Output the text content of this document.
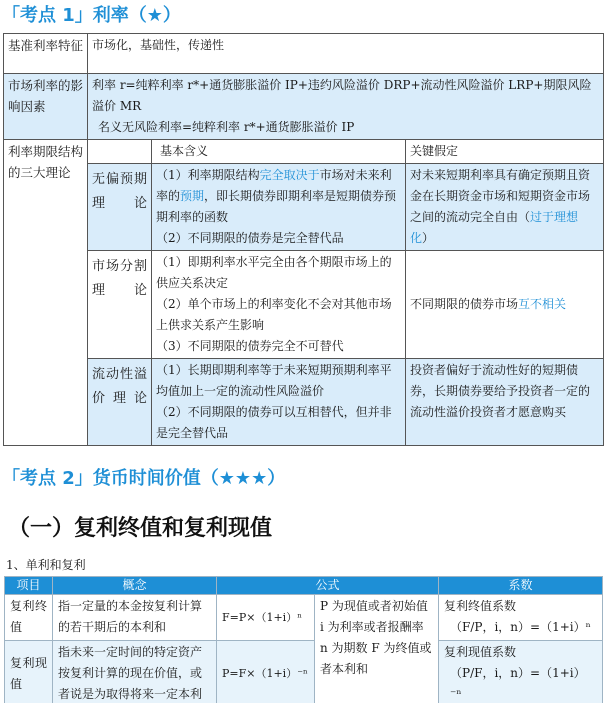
「考点 1」利率（★）
基准利率特征	市场化，基础性，传递性		
市场利率的影响因素	利率 r=纯粹利率 r*+通货膨胀溢价 IP+违约风险溢价 DRP+流动性风险溢价 LRP+期限风险溢价 MR
名义无风险利率=纯粹利率 r*+通货膨胀溢价 IP		

利率期限结构的三大理论		基本含义	关键假定
	无偏预期理论	（1）利率期限结构完全取决于市场对未来利率的预期，即长期债券即期利率是短期债券预期利率的函数
（2）不同期限的债券是完全替代品	对未来短期利率具有确定预期且资金在长期资金市场和短期资金市场之间的流动完全自由（过于理想化）
	市场分割理论	（1）即期利率水平完全由各个期限市场上的供应关系决定
（2）单个市场上的利率变化不会对其他市场上供求关系产生影响
（3）不同期限的债券完全不可替代	不同期限的债券市场互不相关
	流动性溢价理论	（1）长期即期利率等于未来短期预期利率平均值加上一定的流动性风险溢价
（2）不同期限的债券可以互相替代，但并非是完全替代品	投资者偏好于流动性好的短期债券，长期债券要给予投资者一定的流动性溢价投资者才愿意购买
「考点 2」货币时间价值（★★★）
（一）复利终值和复利现值
1、单利和复利
项目	概念	公式		系数
复利终值	指一定量的本金按复利计算的若干期后的本利和	F=P×（1+i）ⁿ	P 为现值或者初始值 i 为利率或者报酬率 n 为期数 F 为终值或者本利和	复利终值系数
（F/P，i，n）=（1+i）ⁿ

复利现值	指未来一定时间的特定资产按复利计算的现在价值，或者说是为取得将来一定本利	P=F×（1+i）⁻ⁿ		复利现值系数
（P/F，i，n）=（1+i）⁻ⁿ
